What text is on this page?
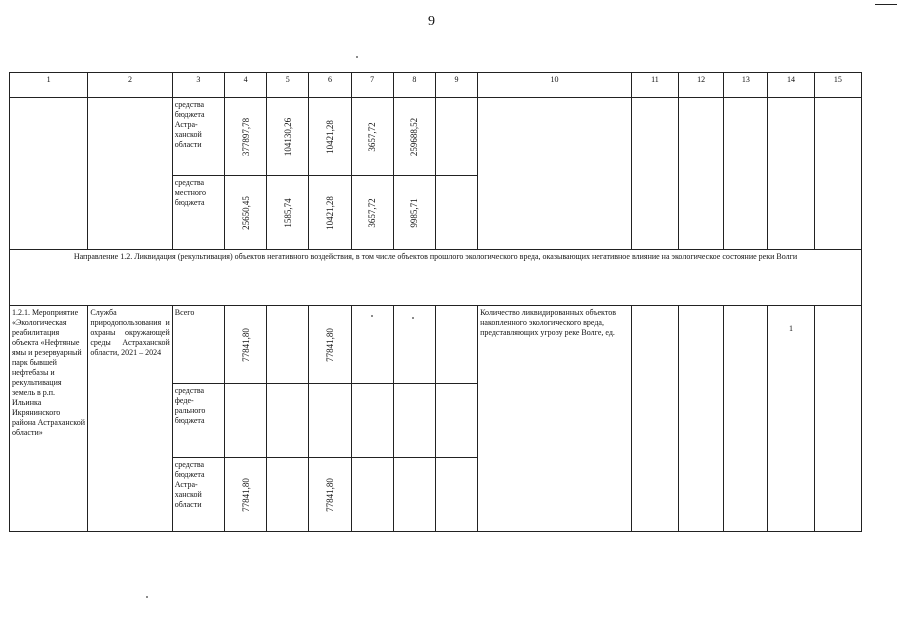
9
1	2	3	4	5	6	7	8	9	10	11	12	13	14	15
		средства
бюджета
Астра-
ханской
области	377897,78	104130,26	10421,28	3657,72	259688,52							

		средства
местного
бюджета	25650,45	1585,74	10421,28	3657,72	9985,71							

Направление 1.2. Ликвидация (рекультивация) объектов негативного воздействия, в том числе объектов прошлого экологического вреда, оказывающих негативное влияние на экологическое состояние реки Волги														
1.2.1. Мероприятие «Экологическая реабилитация объекта «Нефтяные ямы и резервуарный парк бывшей нефтебазы и рекультивация земель в р.п. Ильинка Икрянинского района Астраханской области»	Служба природопользования и охраны окружающей среды Астраханской области, 2021 – 2024	Всего	77841,80		77841,80				Количество ликвидированных объектов накопленного экологического вреда, представляющих угрозу реке Волге, ед.				1	
		средства
феде-
рального
бюджета												
		средства
бюджета
Астра-
ханской
области	77841,80		77841,80									
